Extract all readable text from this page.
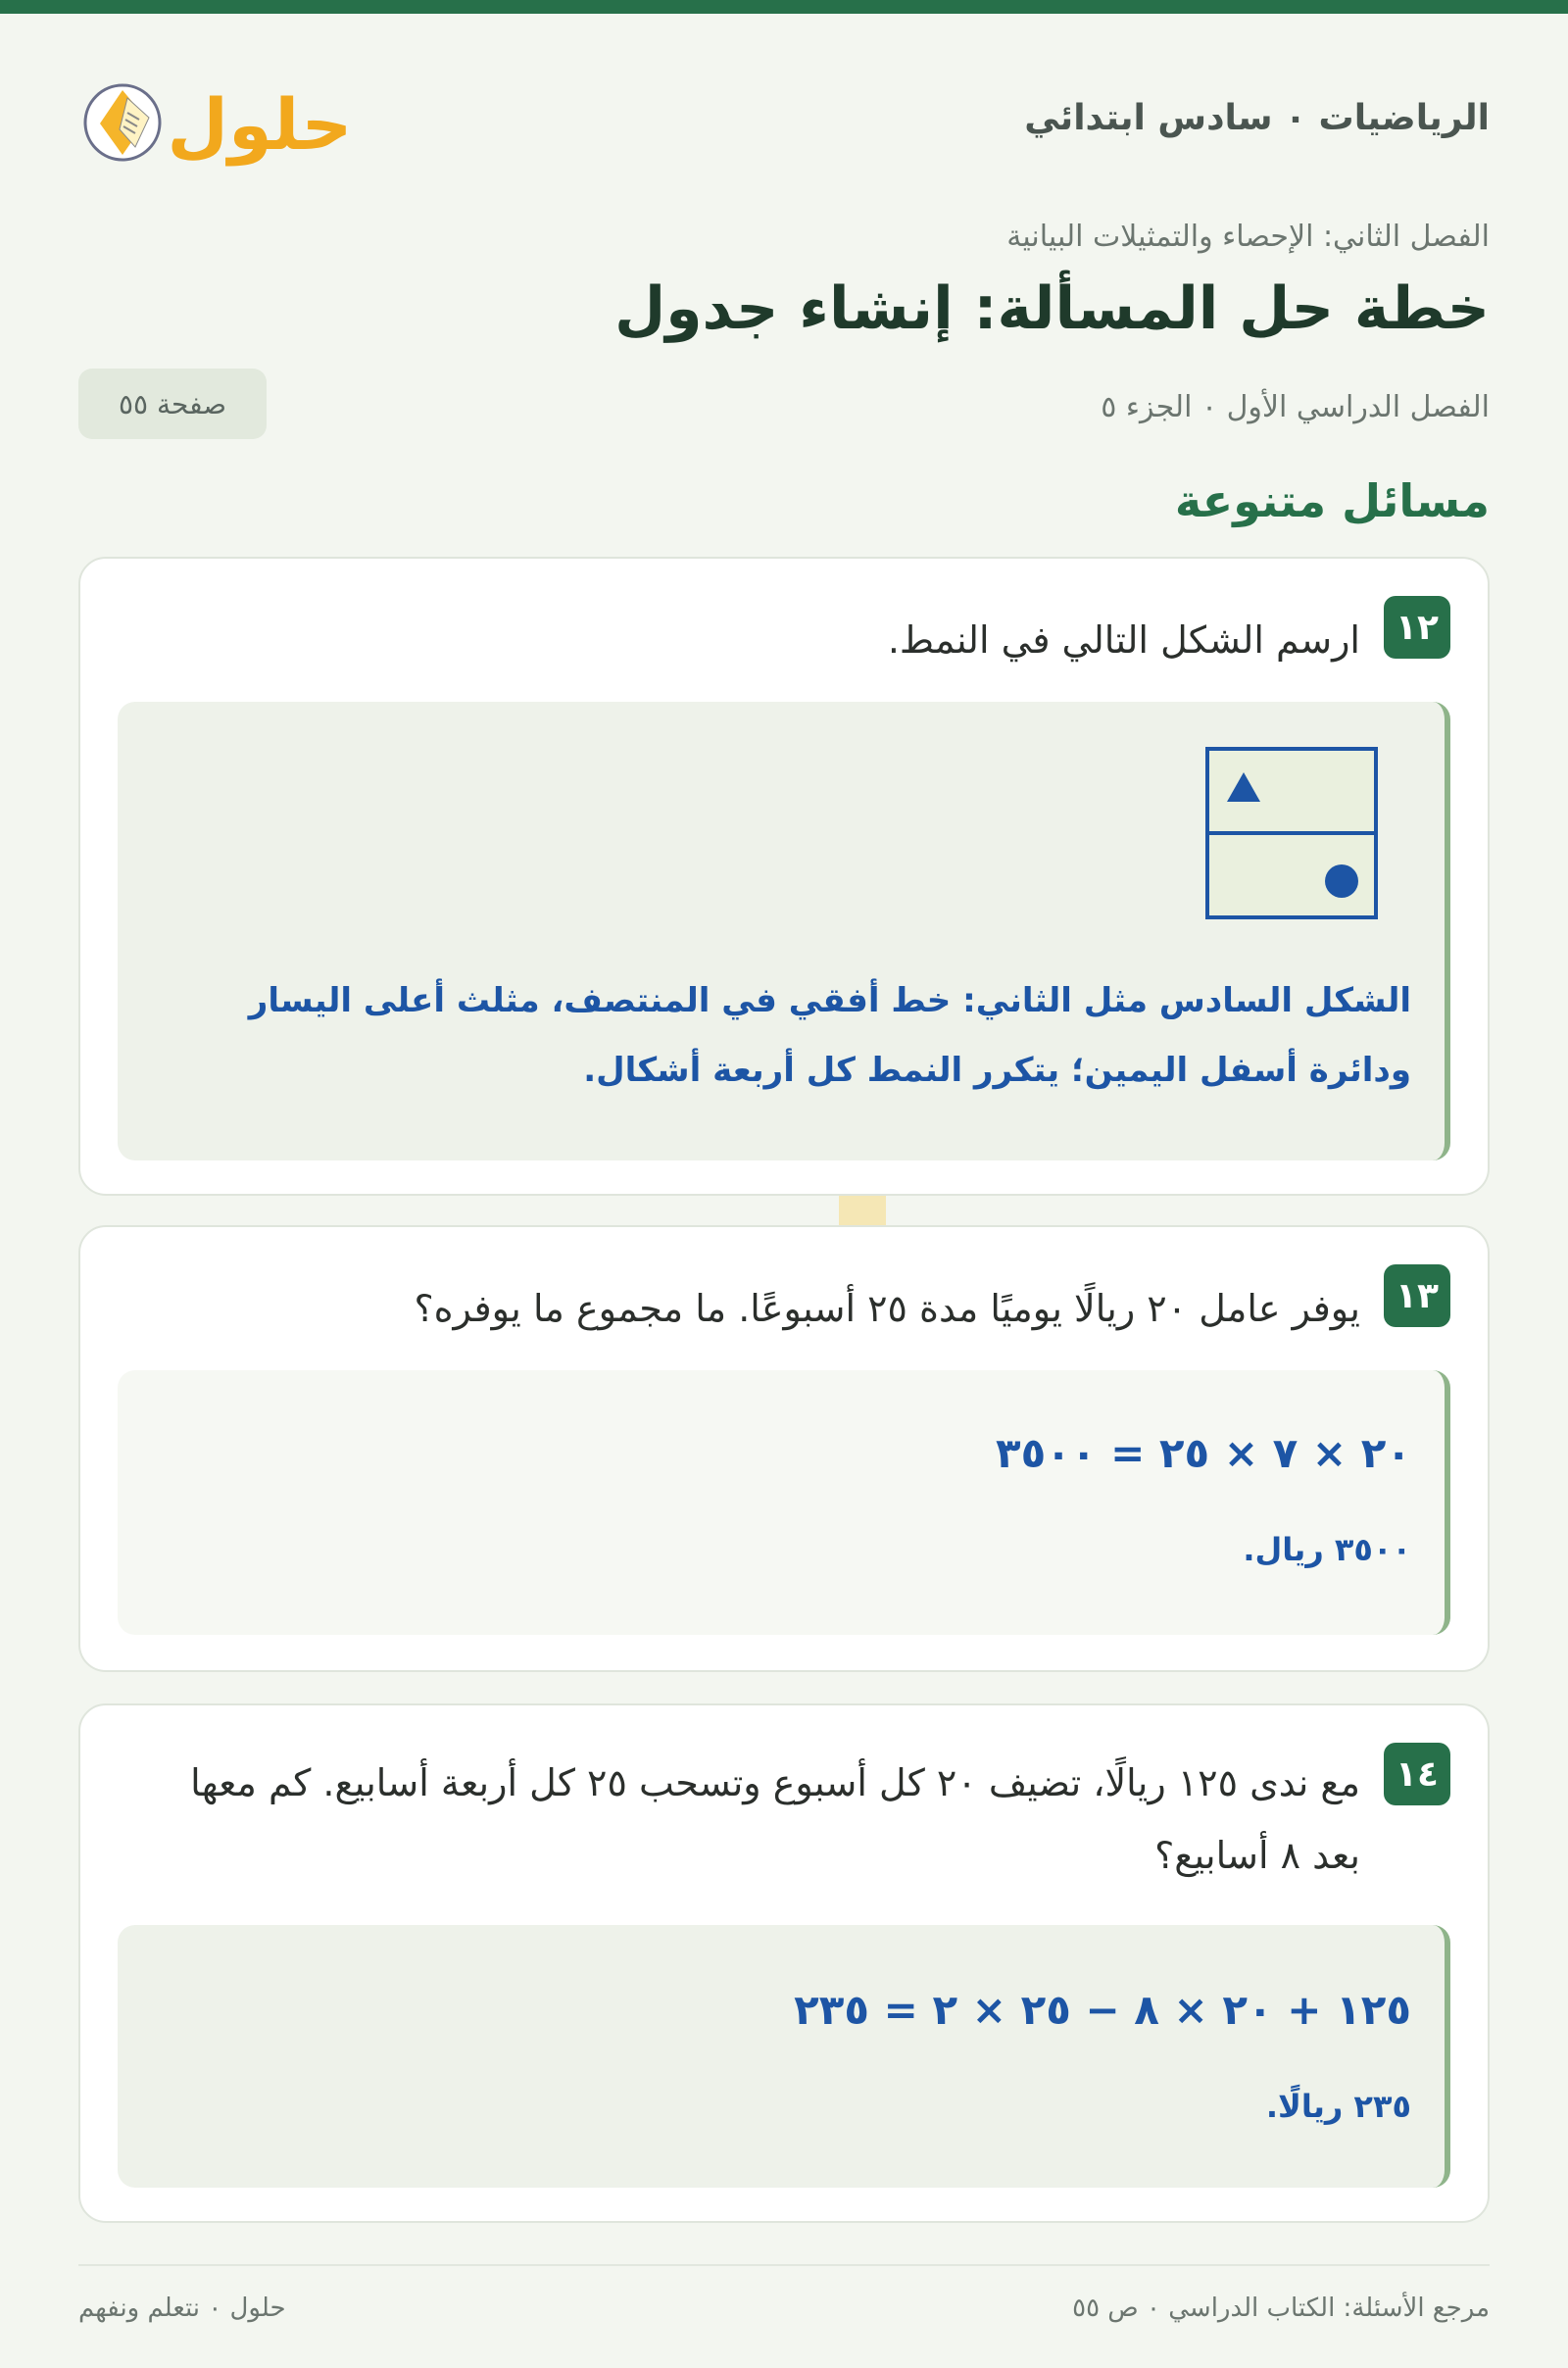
الرياضيات ٠ سادس ابتدائي
حلول
الفصل الثاني: الإحصاء والتمثيلات البيانية
خطة حل المسألة: إنشاء جدول
الفصل الدراسي الأول ٠ الجزء ٥
صفحة ٥٥
مسائل متنوعة
١٢
ارسم الشكل التالي في النمط.
الشكل السادس مثل الثاني: خط أفقي في المنتصف، مثلث أعلى اليسار ودائرة أسفل اليمين؛ يتكرر النمط كل أربعة أشكال.
١٣
يوفر عامل ٢٠ ريالًا يوميًا مدة ٢٥ أسبوعًا. ما مجموع ما يوفره؟
٢٠ × ٧ × ٢٥ = ٣٥٠٠
٣٥٠٠ ريال.
١٤
مع ندى ١٢٥ ريالًا، تضيف ٢٠ كل أسبوع وتسحب ٢٥ كل أربعة أسابيع. كم معها بعد ٨ أسابيع؟
١٢٥ + ٢٠ × ٨ − ٢٥ × ٢ = ٢٣٥
٢٣٥ ريالًا.
مرجع الأسئلة: الكتاب الدراسي ٠ ص ٥٥
حلول ٠ نتعلم ونفهم
